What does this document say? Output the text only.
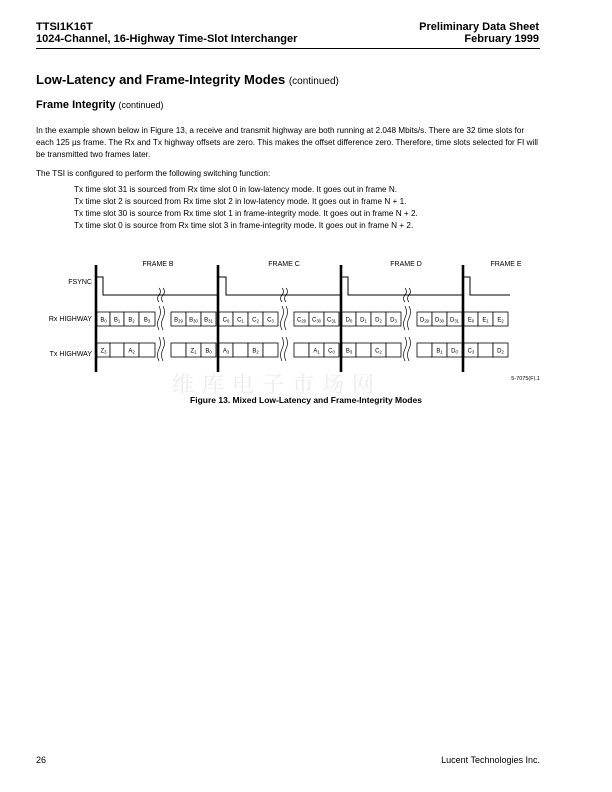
TTSI1K16T
1024-Channel, 16-Highway Time-Slot Interchanger
Preliminary Data Sheet
February 1999
Low-Latency and Frame-Integrity Modes (continued)
Frame Integrity (continued)
In the example shown below in Figure 13, a receive and transmit highway are both running at 2.048 Mbits/s. There are 32 time slots for each 125 µs frame. The Rx and Tx highway offsets are zero. This makes the offset difference zero. Therefore, time slots selected for FI will be transmitted two frames later.
The TSI is configured to perform the following switching function:
Tx time slot 31 is sourced from Rx time slot 0 in low-latency mode. It goes out in frame N.
Tx time slot 2 is sourced from Rx time slot 2 in low-latency mode. It goes out in frame N + 1.
Tx time slot 30 is source from Rx time slot 1 in frame-integrity mode. It goes out in frame N + 2.
Tx time slot 0 is source from Rx time slot 3 in frame-integrity mode. It goes out in frame N + 2.
维库电子市场网
FRAME B	FRAME C	FRAME D	FRAME E
FSYNC
Rx HIGHWAY
Tx HIGHWAY
B0 B1 B2 B3	B29 B30 B31 C0 C1 C2 C3	C29 C30 C31 D0 D1 D2 D3	D29 D30 D31 E0 E1 E2
Z3	A2	Z1 B0 A3	B2	A1 C0 B3	C2	B1 D0 C3	D2
5-7075(F).1
Figure 13. Mixed Low-Latency and Frame-Integrity Modes
26	Lucent Technologies Inc.
